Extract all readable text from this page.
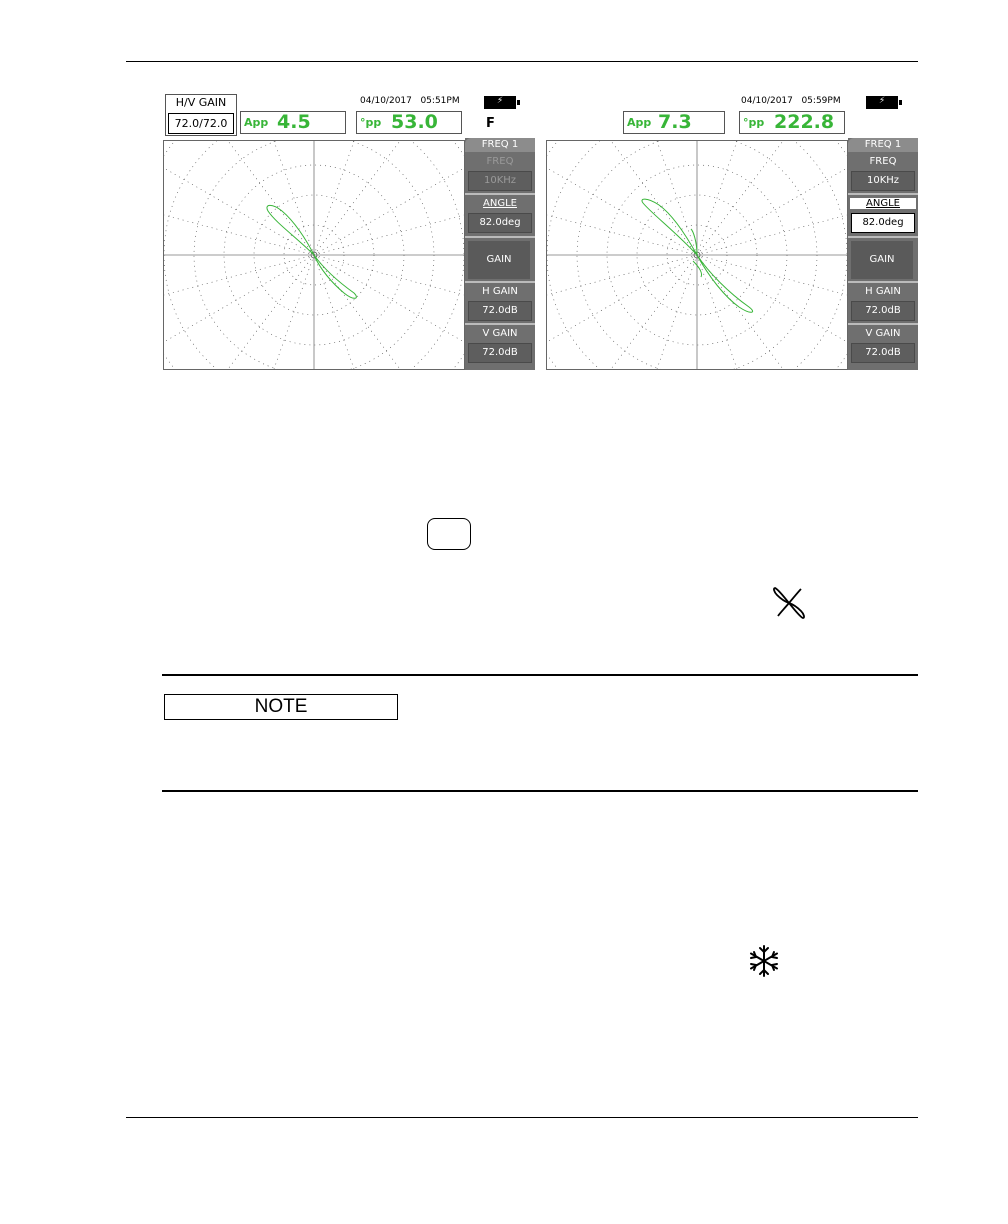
H/V GAIN
72.0/72.0	App 4.5	°pp 53.0
04/10/2017   05:51PM	⚡
F
FREQ 1
FREQ
10KHz
ANGLE
82.0deg
GAIN
H GAIN
72.0dB
V GAIN
72.0dB
App 7.3	°pp 222.8
04/10/2017   05:59PM	⚡
FREQ 1
FREQ
10KHz
ANGLE
82.0deg
GAIN
H GAIN
72.0dB
V GAIN
72.0dB
NOTE
